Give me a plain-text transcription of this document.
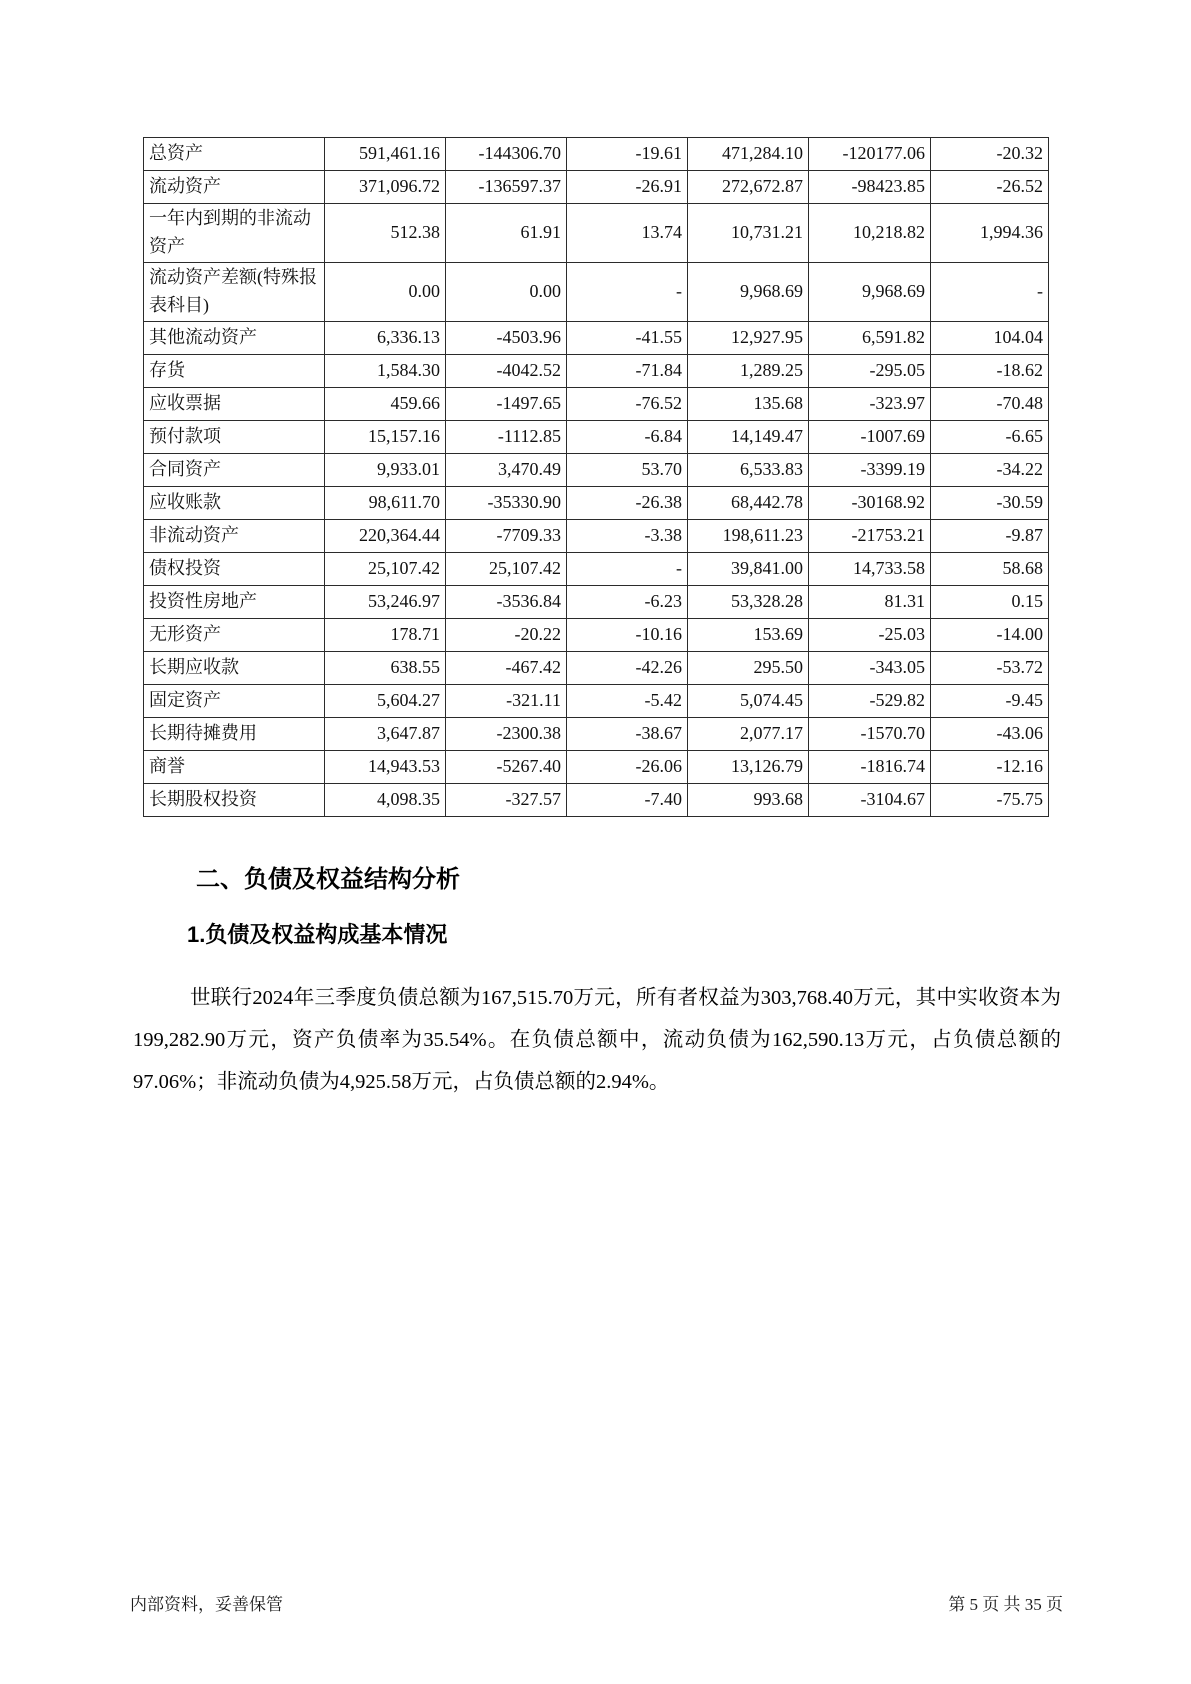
总资产	591,461.16	-144306.70	-19.61	471,284.10	-120177.06	-20.32
流动资产	371,096.72	-136597.37	-26.91	272,672.87	-98423.85	-26.52
一年内到期的非流动资产	512.38	61.91	13.74	10,731.21	10,218.82	1,994.36
流动资产差额(特殊报表科目)	0.00	0.00	-	9,968.69	9,968.69	-
其他流动资产	6,336.13	-4503.96	-41.55	12,927.95	6,591.82	104.04
存货	1,584.30	-4042.52	-71.84	1,289.25	-295.05	-18.62
应收票据	459.66	-1497.65	-76.52	135.68	-323.97	-70.48
预付款项	15,157.16	-1112.85	-6.84	14,149.47	-1007.69	-6.65
合同资产	9,933.01	3,470.49	53.70	6,533.83	-3399.19	-34.22
应收账款	98,611.70	-35330.90	-26.38	68,442.78	-30168.92	-30.59
非流动资产	220,364.44	-7709.33	-3.38	198,611.23	-21753.21	-9.87
债权投资	25,107.42	25,107.42	-	39,841.00	14,733.58	58.68
投资性房地产	53,246.97	-3536.84	-6.23	53,328.28	81.31	0.15
无形资产	178.71	-20.22	-10.16	153.69	-25.03	-14.00
长期应收款	638.55	-467.42	-42.26	295.50	-343.05	-53.72
固定资产	5,604.27	-321.11	-5.42	5,074.45	-529.82	-9.45
长期待摊费用	3,647.87	-2300.38	-38.67	2,077.17	-1570.70	-43.06
商誉	14,943.53	-5267.40	-26.06	13,126.79	-1816.74	-12.16
长期股权投资	4,098.35	-327.57	-7.40	993.68	-3104.67	-75.75
二、负债及权益结构分析
1.负债及权益构成基本情况

世联行2024年三季度负债总额为167,515.70万元，所有者权益为303,768.40万元，其中实收资本为199,282.90万元，资产负债率为35.54%。在负债总额中，流动负债为162,590.13万元，占负债总额的97.06%；非流动负债为4,925.58万元，占负债总额的2.94%。

内部资料，妥善保管	第 5 页 共 35 页
